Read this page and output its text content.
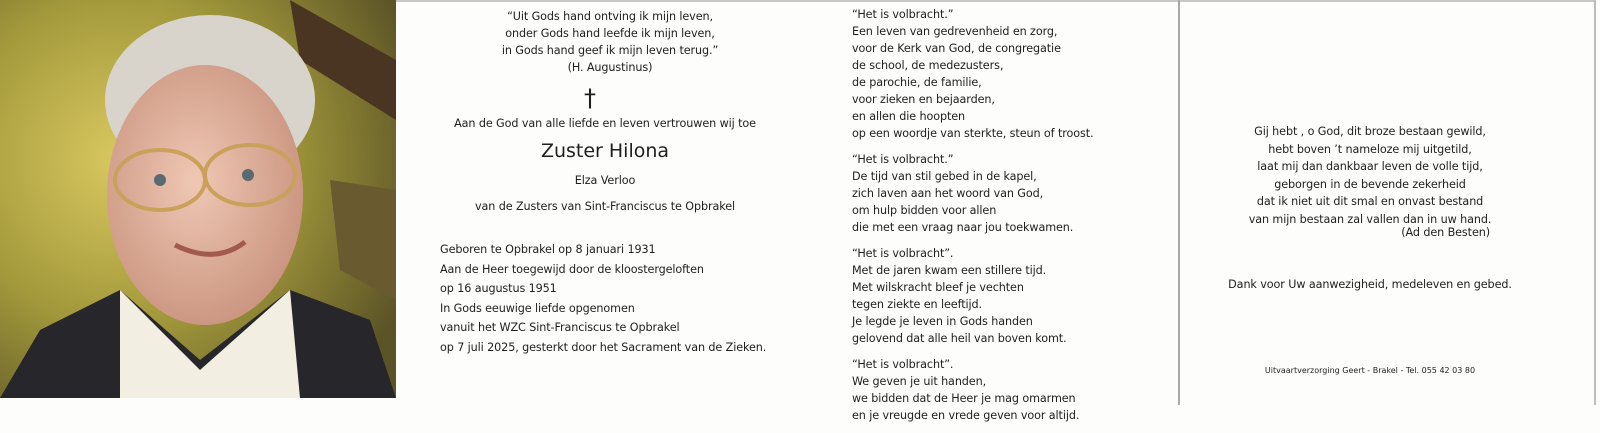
“Uit Gods hand ontving ik mijn leven,
onder Gods hand leefde ik mijn leven,
in Gods hand geef ik mijn leven terug.”
(H. Augustinus)
†
Aan de God van alle liefde en leven vertrouwen wij toe
Zuster Hilona
Elza Verloo
van de Zusters van Sint-Franciscus te Opbrakel
Geboren te Opbrakel op 8 januari 1931
Aan de Heer toegewijd door de kloostergeloften
op 16 augustus 1951
In Gods eeuwige liefde opgenomen
vanuit het WZC Sint-Franciscus te Opbrakel
op 7 juli 2025, gesterkt door het Sacrament van de Zieken.
“Het is volbracht.”
Een leven van gedrevenheid en zorg,
voor de Kerk van God, de congregatie
de school, de medezusters,
de parochie, de familie,
voor zieken en bejaarden,
en allen die hoopten
op een woordje van sterkte, steun of troost.
“Het is volbracht.”
De tijd van stil gebed in de kapel,
zich laven aan het woord van God,
om hulp bidden voor allen
die met een vraag naar jou toekwamen.
“Het is volbracht”.
Met de jaren kwam een stillere tijd.
Met wilskracht bleef je vechten
tegen ziekte en leeftijd.
Je legde je leven in Gods handen
gelovend dat alle heil van boven komt.
“Het is volbracht”.
We geven je uit handen,
we bidden dat de Heer je mag omarmen
en je vreugde en vrede geven voor altijd.
Gij hebt , o God, dit broze bestaan gewild,
hebt boven ’t nameloze mij uitgetild,
laat mij dan dankbaar leven de volle tijd,
geborgen in de bevende zekerheid
dat ik niet uit dit smal en onvast bestand
van mijn bestaan zal vallen dan in uw hand.
(Ad den Besten)
Dank voor Uw aanwezigheid, medeleven en gebed.
Uitvaartverzorging Geert - Brakel - Tel. 055 42 03 80
